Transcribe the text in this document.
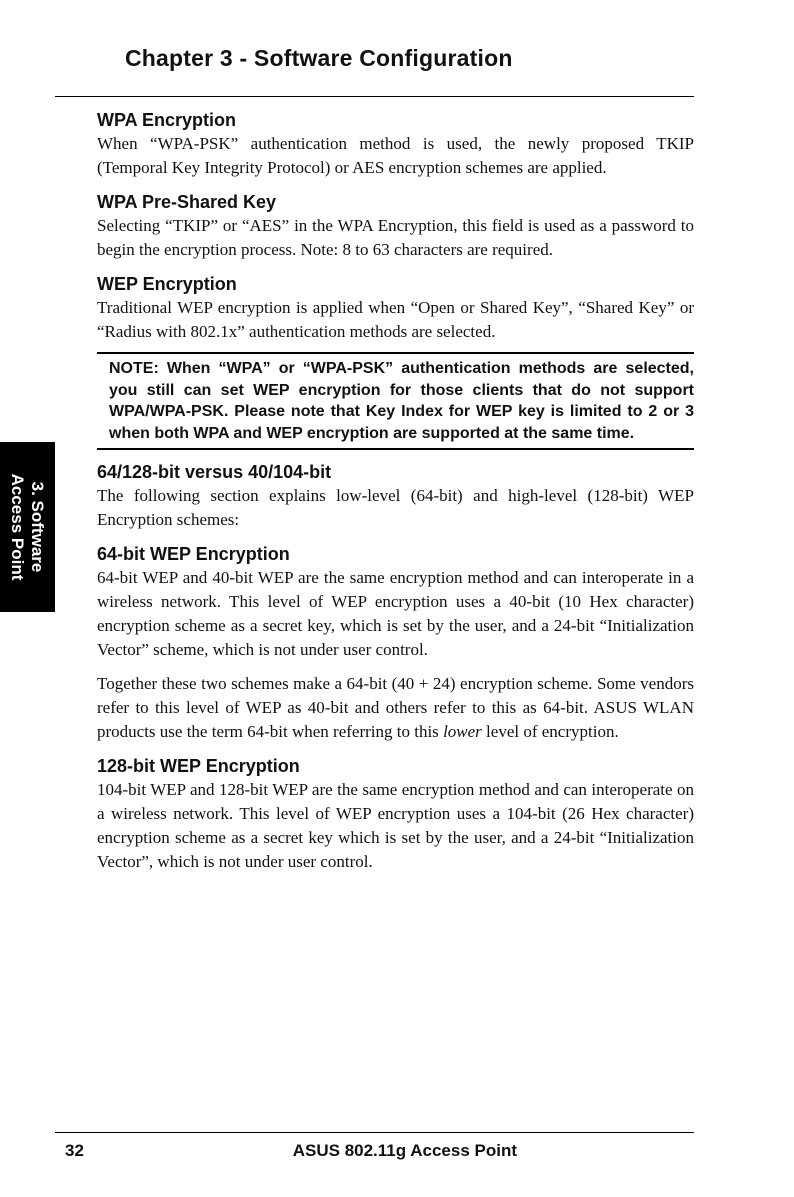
Chapter 3 - Software Configuration
3. Software
Access Point
WPA Encryption

When “WPA-PSK” authentication method is used, the newly proposed TKIP (Temporal Key Integrity Protocol) or AES encryption schemes are applied.

WPA Pre-Shared Key

Selecting “TKIP” or “AES” in the WPA Encryption, this field is used as a password to begin the encryption process. Note: 8 to 63 characters are required.

WEP Encryption

Traditional WEP encryption is applied when “Open or Shared Key”, “Shared Key” or “Radius with 802.1x” authentication methods are selected.

NOTE: When “WPA” or “WPA-PSK” authentication methods are selected, you still can set WEP encryption for those clients that do not support WPA/WPA-PSK. Please note that Key Index for WEP key is limited to 2 or 3 when both WPA and WEP encryption are supported at the same time.

64/128-bit versus 40/104-bit

The following section explains low-level (64-bit) and high-level (128-bit) WEP Encryption schemes:

64-bit WEP Encryption

64-bit WEP and 40-bit WEP are the same encryption method and can interoperate in a wireless network. This level of WEP encryption uses a 40-bit (10 Hex character) encryption scheme as a secret key, which is set by the user, and a 24-bit “Initialization Vector” scheme, which is not under user control.

Together these two schemes make a 64-bit (40 + 24) encryption scheme. Some vendors refer to this level of WEP as 40-bit and others refer to this as 64-bit. ASUS WLAN products use the term 64-bit when referring to this lower level of encryption.

128-bit WEP Encryption

104-bit WEP and 128-bit WEP are the same encryption method and can interoperate on a wireless network. This level of WEP encryption uses a 104-bit (26 Hex character) encryption scheme as a secret key which is set by the user, and a 24-bit “Initialization Vector”, which is not under user control.

32	ASUS 802.11g Access Point
